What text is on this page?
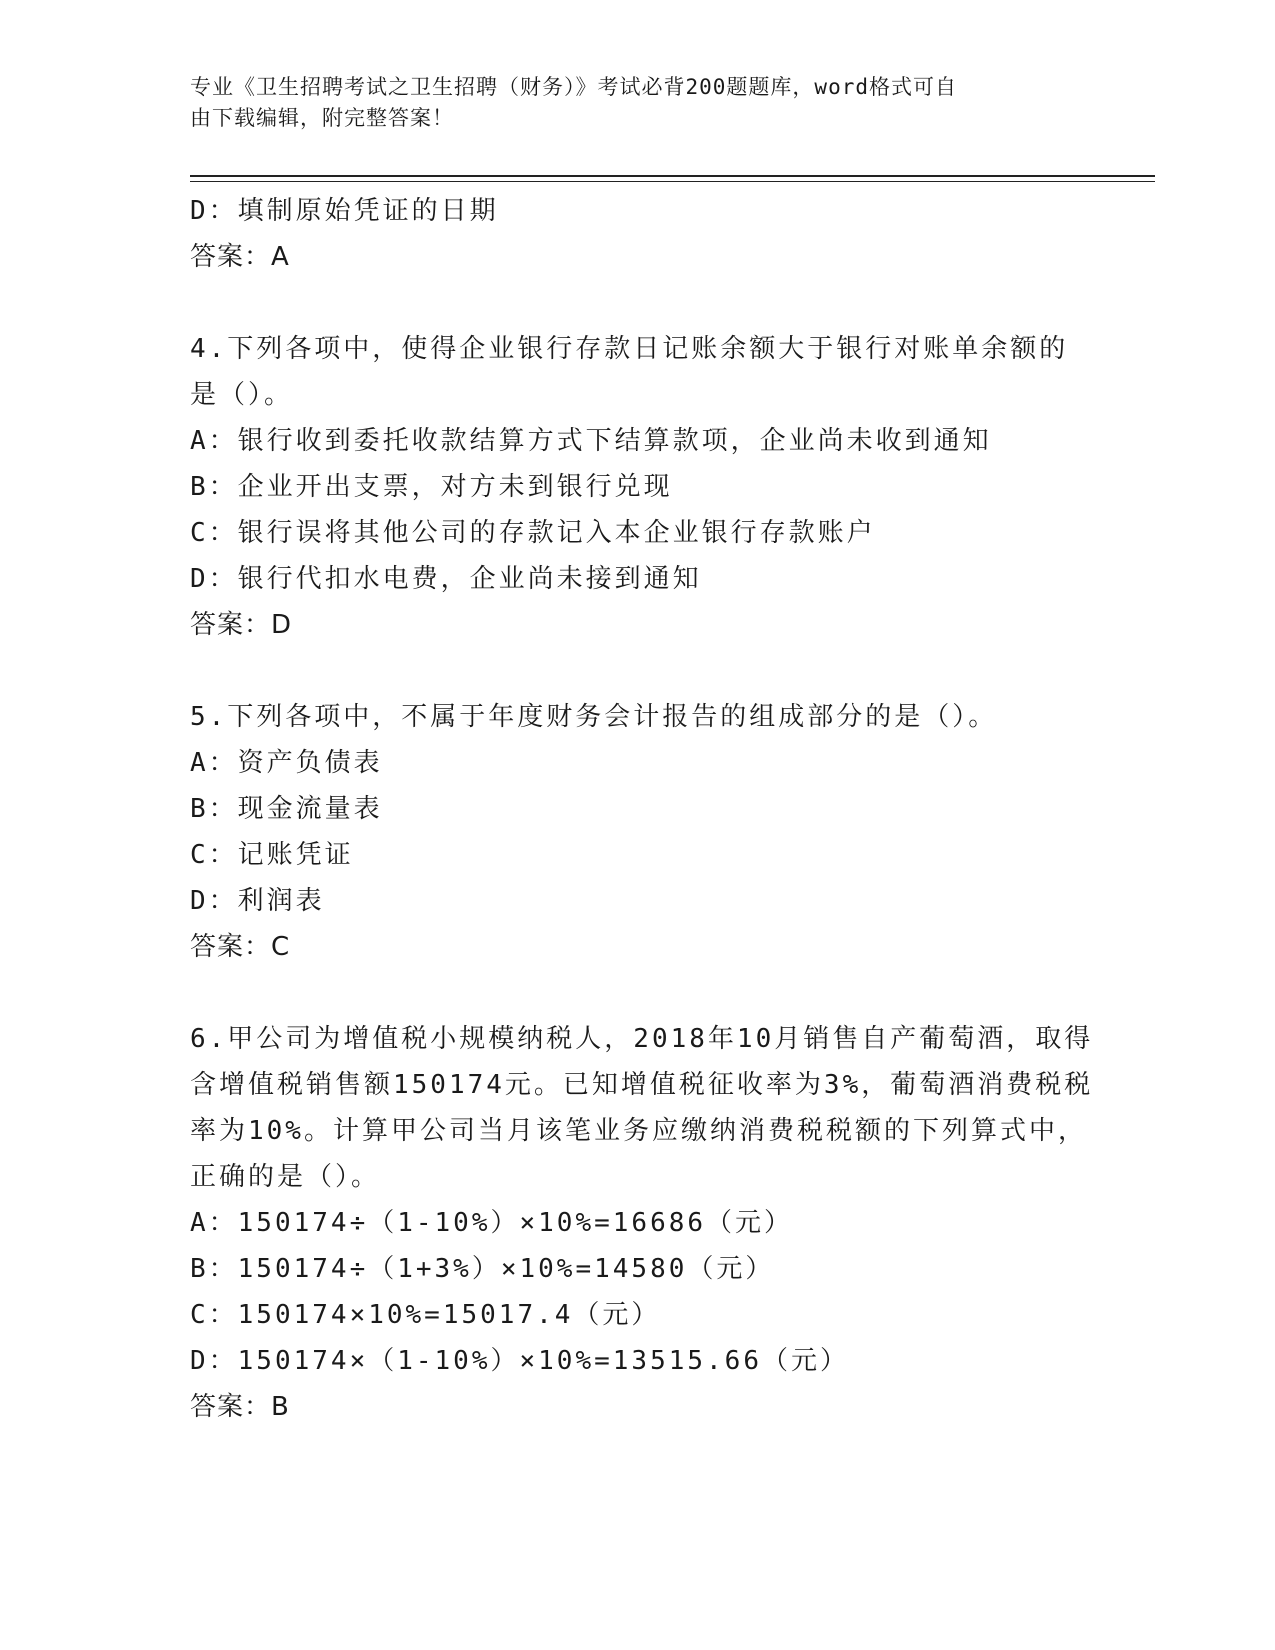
专业《卫生招聘考试之卫生招聘（财务）》考试必背200题题库，word格式可自
由下载编辑，附完整答案！
D：填制原始凭证的日期
答案：A
4.下列各项中，使得企业银行存款日记账余额大于银行对账单余额的
是（）。
A：银行收到委托收款结算方式下结算款项，企业尚未收到通知
B：企业开出支票，对方未到银行兑现
C：银行误将其他公司的存款记入本企业银行存款账户
D：银行代扣水电费，企业尚未接到通知
答案：D
5.下列各项中，不属于年度财务会计报告的组成部分的是（）。
A：资产负债表
B：现金流量表
C：记账凭证
D：利润表
答案：C
6.甲公司为增值税小规模纳税人，2018年10月销售自产葡萄酒，取得
含增值税销售额150174元。已知增值税征收率为3%，葡萄酒消费税税
率为10%。计算甲公司当月该笔业务应缴纳消费税税额的下列算式中，
正确的是（）。
A：150174÷（1-10%）×10%=16686（元）
B：150174÷（1+3%）×10%=14580（元）
C：150174×10%=15017.4（元）
D：150174×（1-10%）×10%=13515.66（元）
答案：B
